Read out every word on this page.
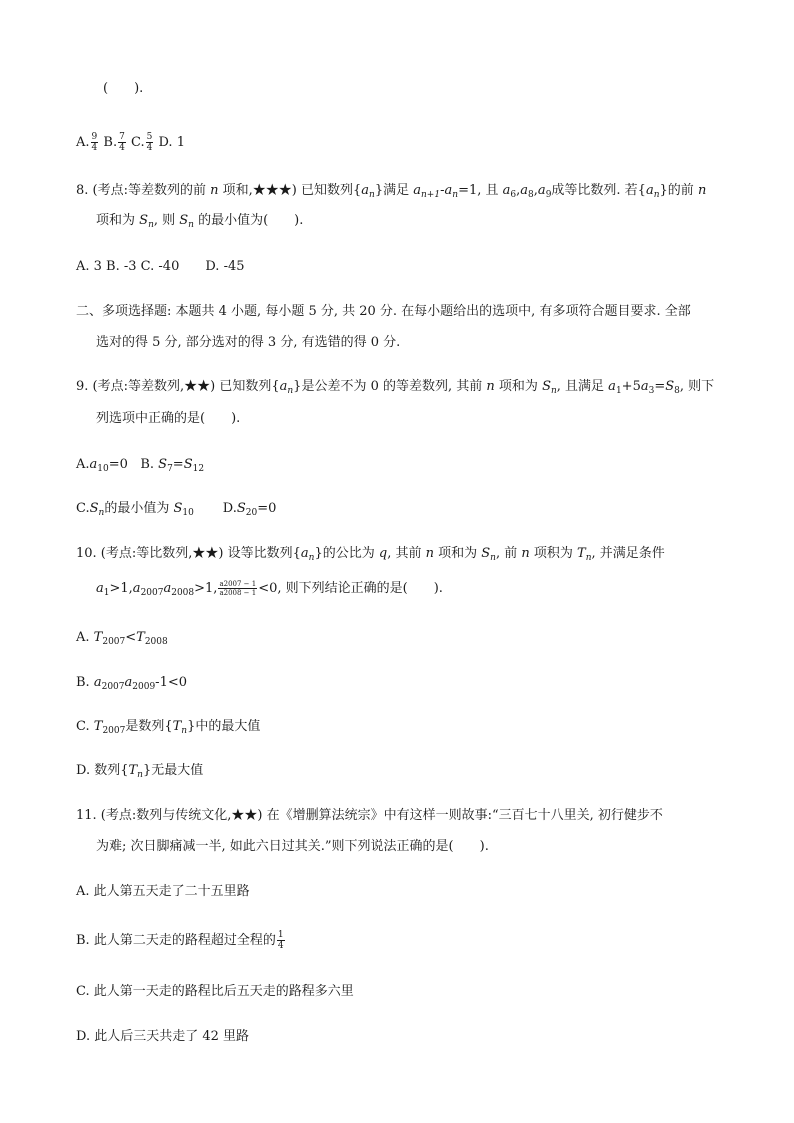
(　　).
A. $\frac{9}{4} B$. $\frac{7}{4} C$. $\frac{5}{4} D$. 1
8. (考点:等差数列的前 n 项和,★★★) 已知数列$\{a_n\}$满足 $a_{n+1}-a_n=1$, 且 $a_6,a_8,a_9$成等比数列. 若$\{a_n\}$的前 n
项和为 $S_n$, 则 $S_n$ 的最小值为(　　).
A. 3 B. -3 C. -40　　D. -45
二、多项选择题: 本题共 4 小题, 每小题 5 分, 共 20 分. 在每小题给出的选项中, 有多项符合题目要求. 全部
选对的得 5 分, 部分选对的得 3 分, 有选错的得 0 分.
9. (考点:等差数列,★★) 已知数列$\{a_n\}$是公差不为 0 的等差数列, 其前 n 项和为 $S_n$, 且满足 $a_1+5a_3=S_8$, 则下
列选项中正确的是(　　).
$A.a_{10}=0$ B. $S_7=S_{12}$
$C.S_n$的最小值为 $S_{10}$ $D.S_{20}=0$
10. (考点:等比数列,★★) 设等比数列$\{a_n\}$的公比为 q, 其前 n 项和为 $S_n$, 前 n 项积为 $T_n$, 并满足条件
$a_1>1,a_{2007}a_{2008}>1$, $\frac{a2007 - 1}{a2008 - 1} <0$, 则下列结论正确的是(　　).
A. $T_{2007}<T_{2008}$
B. $a_{2007}a_{2009}-1<0$
C. $T_{2007}$是数列$\{T_n\}$中的最大值
D. 数列$\{T_n\}$无最大值
11. (考点:数列与传统文化,★★) 在《增删算法统宗》中有这样一则故事:“三百七十八里关, 初行健步不
为难; 次日脚痛减一半, 如此六日过其关.”则下列说法正确的是(　　).
A. 此人第五天走了二十五里路
B. 此人第二天走的路程超过全程的 $\frac{1}{4}$
C. 此人第一天走的路程比后五天走的路程多六里
D. 此人后三天共走了 42 里路
